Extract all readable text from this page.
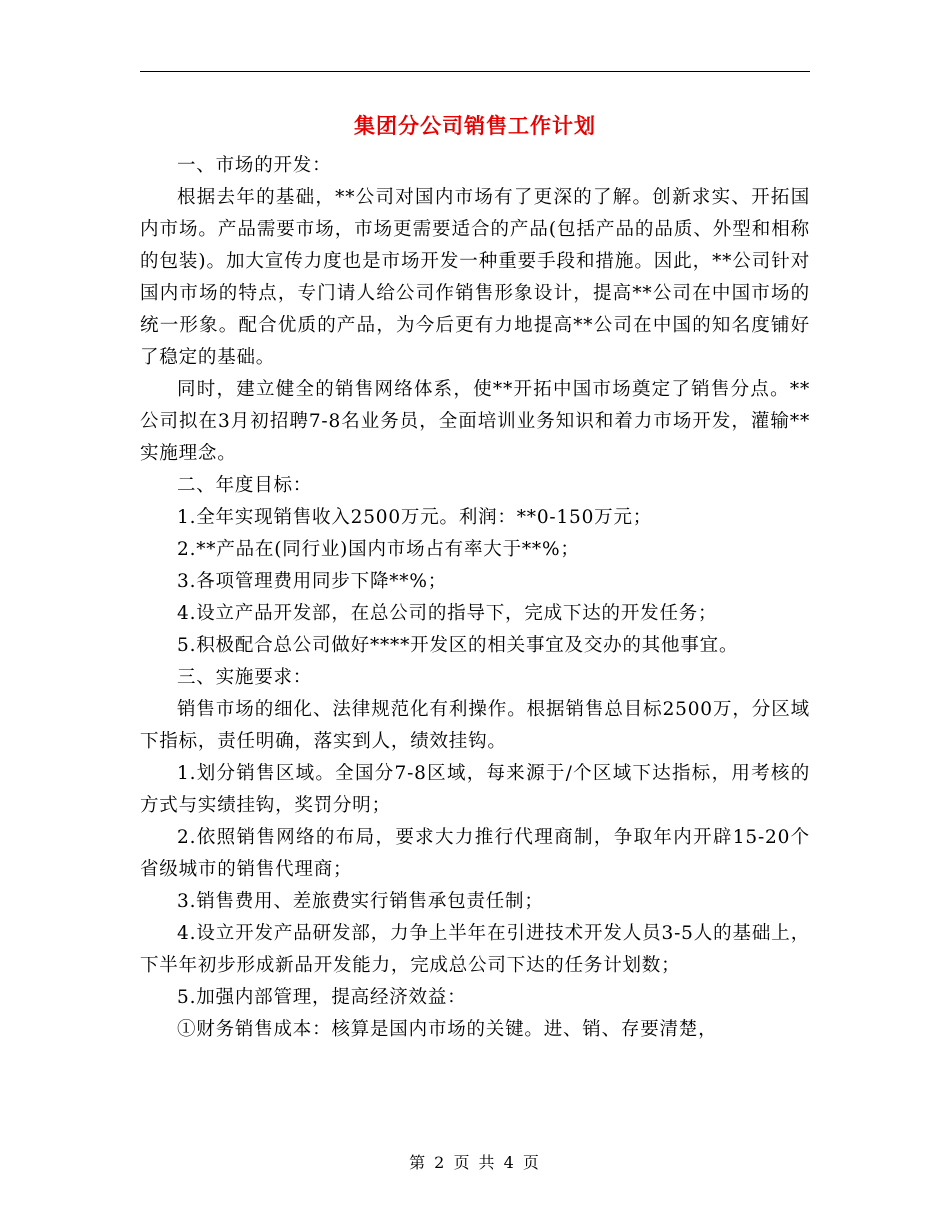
集团分公司销售工作计划

一、市场的开发：

根据去年的基础，**公司对国内市场有了更深的了解。创新求实、开拓国内市场。产品需要市场，市场更需要适合的产品(包括产品的品质、外型和相称的包装)。加大宣传力度也是市场开发一种重要手段和措施。因此，**公司针对国内市场的特点，专门请人给公司作销售形象设计，提高**公司在中国市场的统一形象。配合优质的产品，为今后更有力地提高**公司在中国的知名度铺好了稳定的基础。

同时，建立健全的销售网络体系，使**开拓中国市场奠定了销售分点。**公司拟在3月初招聘7-8名业务员，全面培训业务知识和着力市场开发，灌输**实施理念。

二、年度目标：

1.全年实现销售收入2500万元。利润：**0-150万元；

2.**产品在(同行业)国内市场占有率大于**%；

3.各项管理费用同步下降**%；

4.设立产品开发部，在总公司的指导下，完成下达的开发任务；

5.积极配合总公司做好****开发区的相关事宜及交办的其他事宜。

三、实施要求：

销售市场的细化、法律规范化有利操作。根据销售总目标2500万，分区域下指标，责任明确，落实到人，绩效挂钩。

1.划分销售区域。全国分7-8区域，每来源于/个区域下达指标，用考核的方式与实绩挂钩，奖罚分明；

2.依照销售网络的布局，要求大力推行代理商制，争取年内开辟15-20个省级城市的销售代理商；

3.销售费用、差旅费实行销售承包责任制；

4.设立开发产品研发部，力争上半年在引进技术开发人员3-5人的基础上，下半年初步形成新品开发能力，完成总公司下达的任务计划数；

5.加强内部管理，提高经济效益：

①财务销售成本：核算是国内市场的关键。进、销、存要清楚，

第 2 页 共 4 页
